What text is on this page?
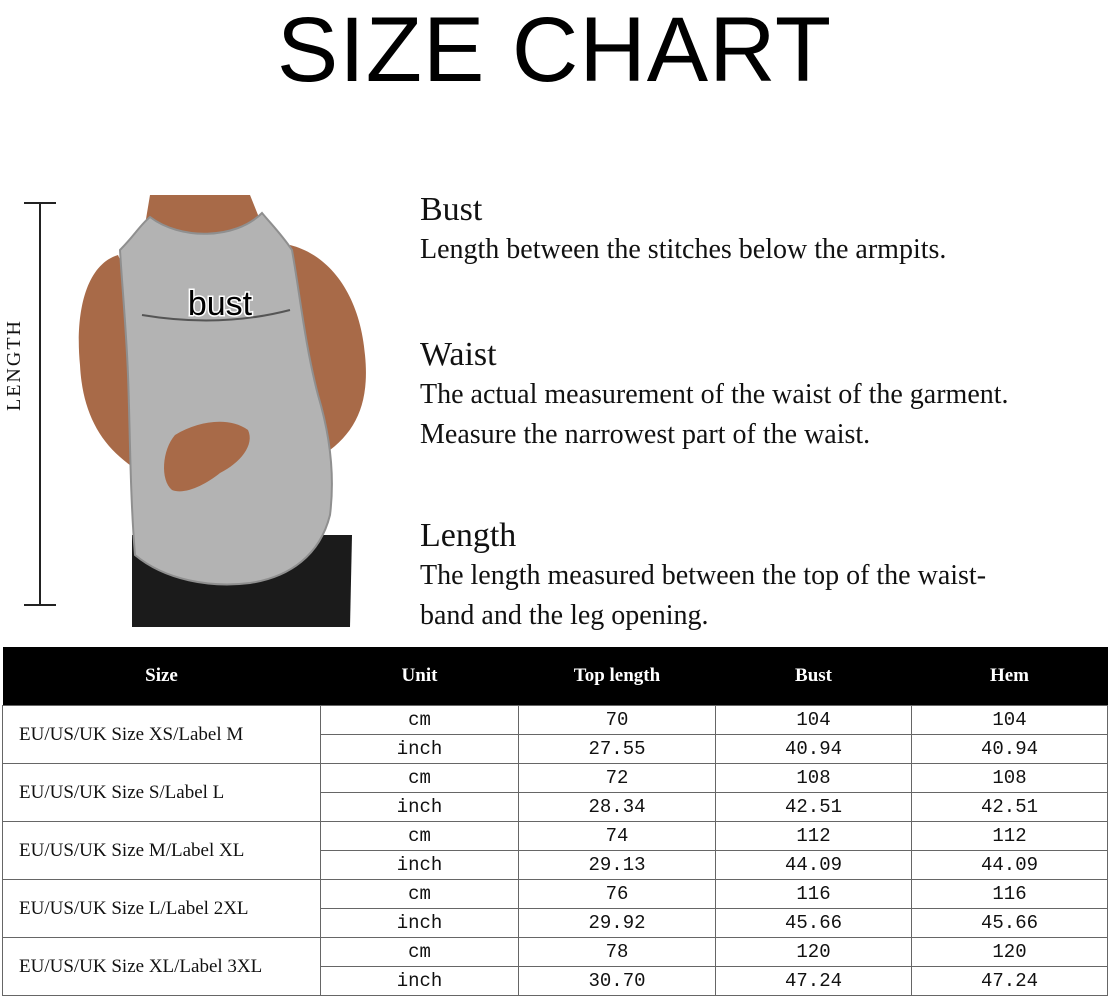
SIZE CHART
bust
LENGTH
Bust

Length between the stitches below the armpits.

Waist

The actual measurement of the waist of the garment.

Measure the narrowest part of the waist.

Length

The length measured between the top of the waist-

band and the leg opening.

Size	Unit	Top length	Bust	Hem
EU/US/UK Size XS/Label M	cm	70	104	104
	inch	27.55	40.94	40.94
EU/US/UK Size S/Label L	cm	72	108	108
	inch	28.34	42.51	42.51
EU/US/UK Size M/Label XL	cm	74	112	112
	inch	29.13	44.09	44.09
EU/US/UK Size L/Label 2XL	cm	76	116	116
	inch	29.92	45.66	45.66
EU/US/UK Size XL/Label 3XL	cm	78	120	120
	inch	30.70	47.24	47.24
